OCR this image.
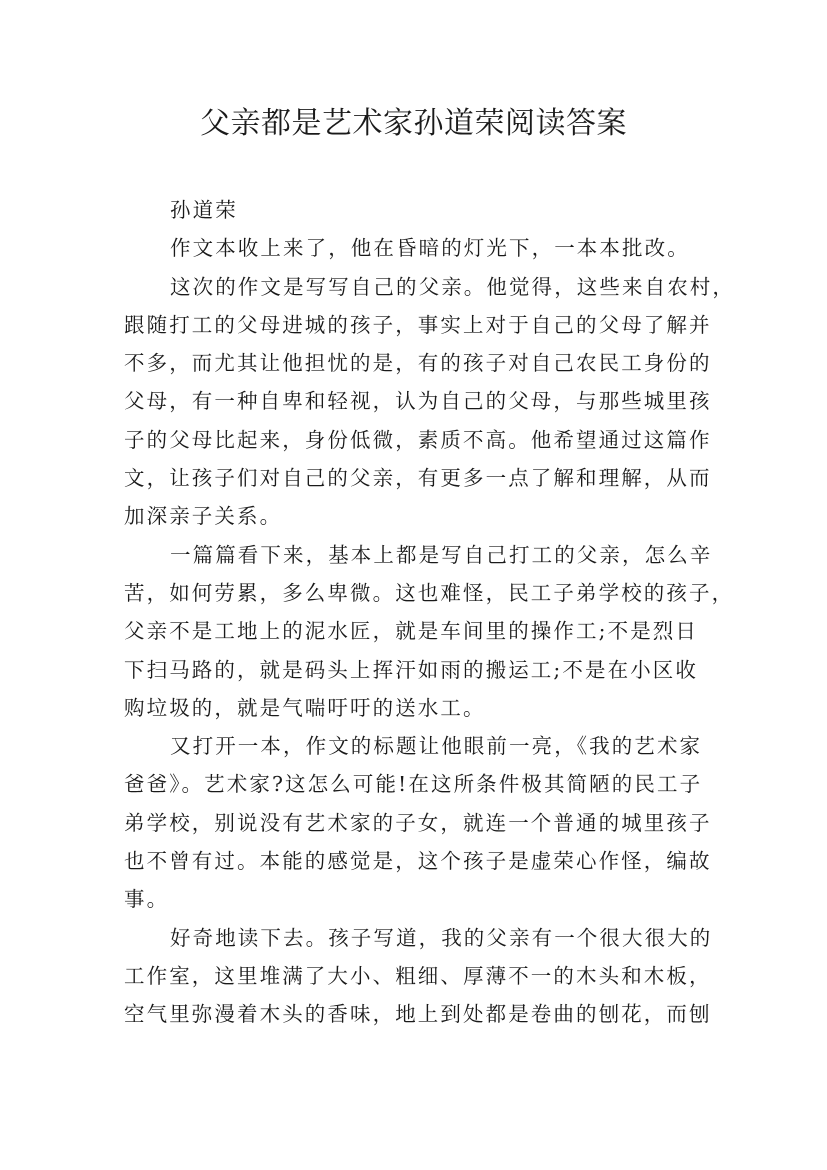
父亲都是艺术家孙道荣阅读答案
孙道荣
作文本收上来了，他在昏暗的灯光下，一本本批改。
这次的作文是写写自己的父亲。他觉得，这些来自农村，
跟随打工的父母进城的孩子，事实上对于自己的父母了解并
不多，而尤其让他担忧的是，有的孩子对自己农民工身份的
父母，有一种自卑和轻视，认为自己的父母，与那些城里孩
子的父母比起来，身份低微，素质不高。他希望通过这篇作
文，让孩子们对自己的父亲，有更多一点了解和理解，从而
加深亲子关系。
一篇篇看下来，基本上都是写自己打工的父亲，怎么辛
苦，如何劳累，多么卑微。这也难怪，民工子弟学校的孩子，
父亲不是工地上的泥水匠，就是车间里的操作工;不是烈日
下扫马路的，就是码头上挥汗如雨的搬运工;不是在小区收
购垃圾的，就是气喘吁吁的送水工。
又打开一本，作文的标题让他眼前一亮，《我的艺术家
爸爸》。艺术家?这怎么可能!在这所条件极其简陋的民工子
弟学校，别说没有艺术家的子女，就连一个普通的城里孩子
也不曾有过。本能的感觉是，这个孩子是虚荣心作怪，编故
事。
好奇地读下去。孩子写道，我的父亲有一个很大很大的
工作室，这里堆满了大小、粗细、厚薄不一的木头和木板，
空气里弥漫着木头的香味，地上到处都是卷曲的刨花，而刨
